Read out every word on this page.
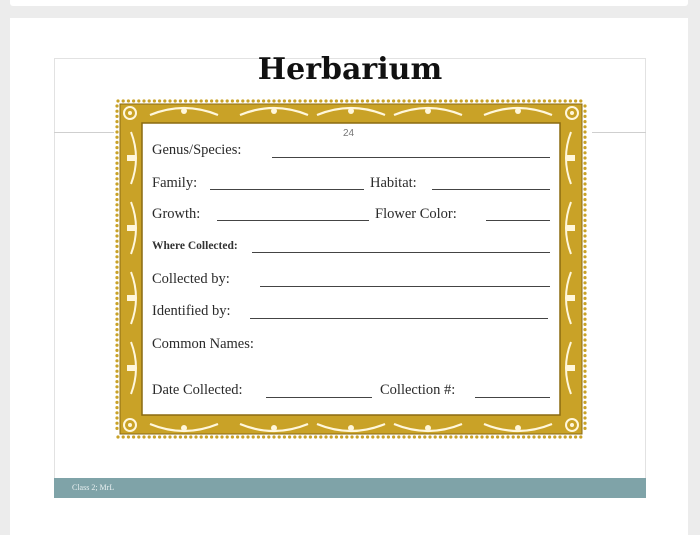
Herbarium
24
Genus/Species:
Family:	Habitat:
Growth:	Flower Color:
Where Collected:
Collected by:
Identified by:
Common Names:
Date Collected:	Collection #:
Class 2; MrL
